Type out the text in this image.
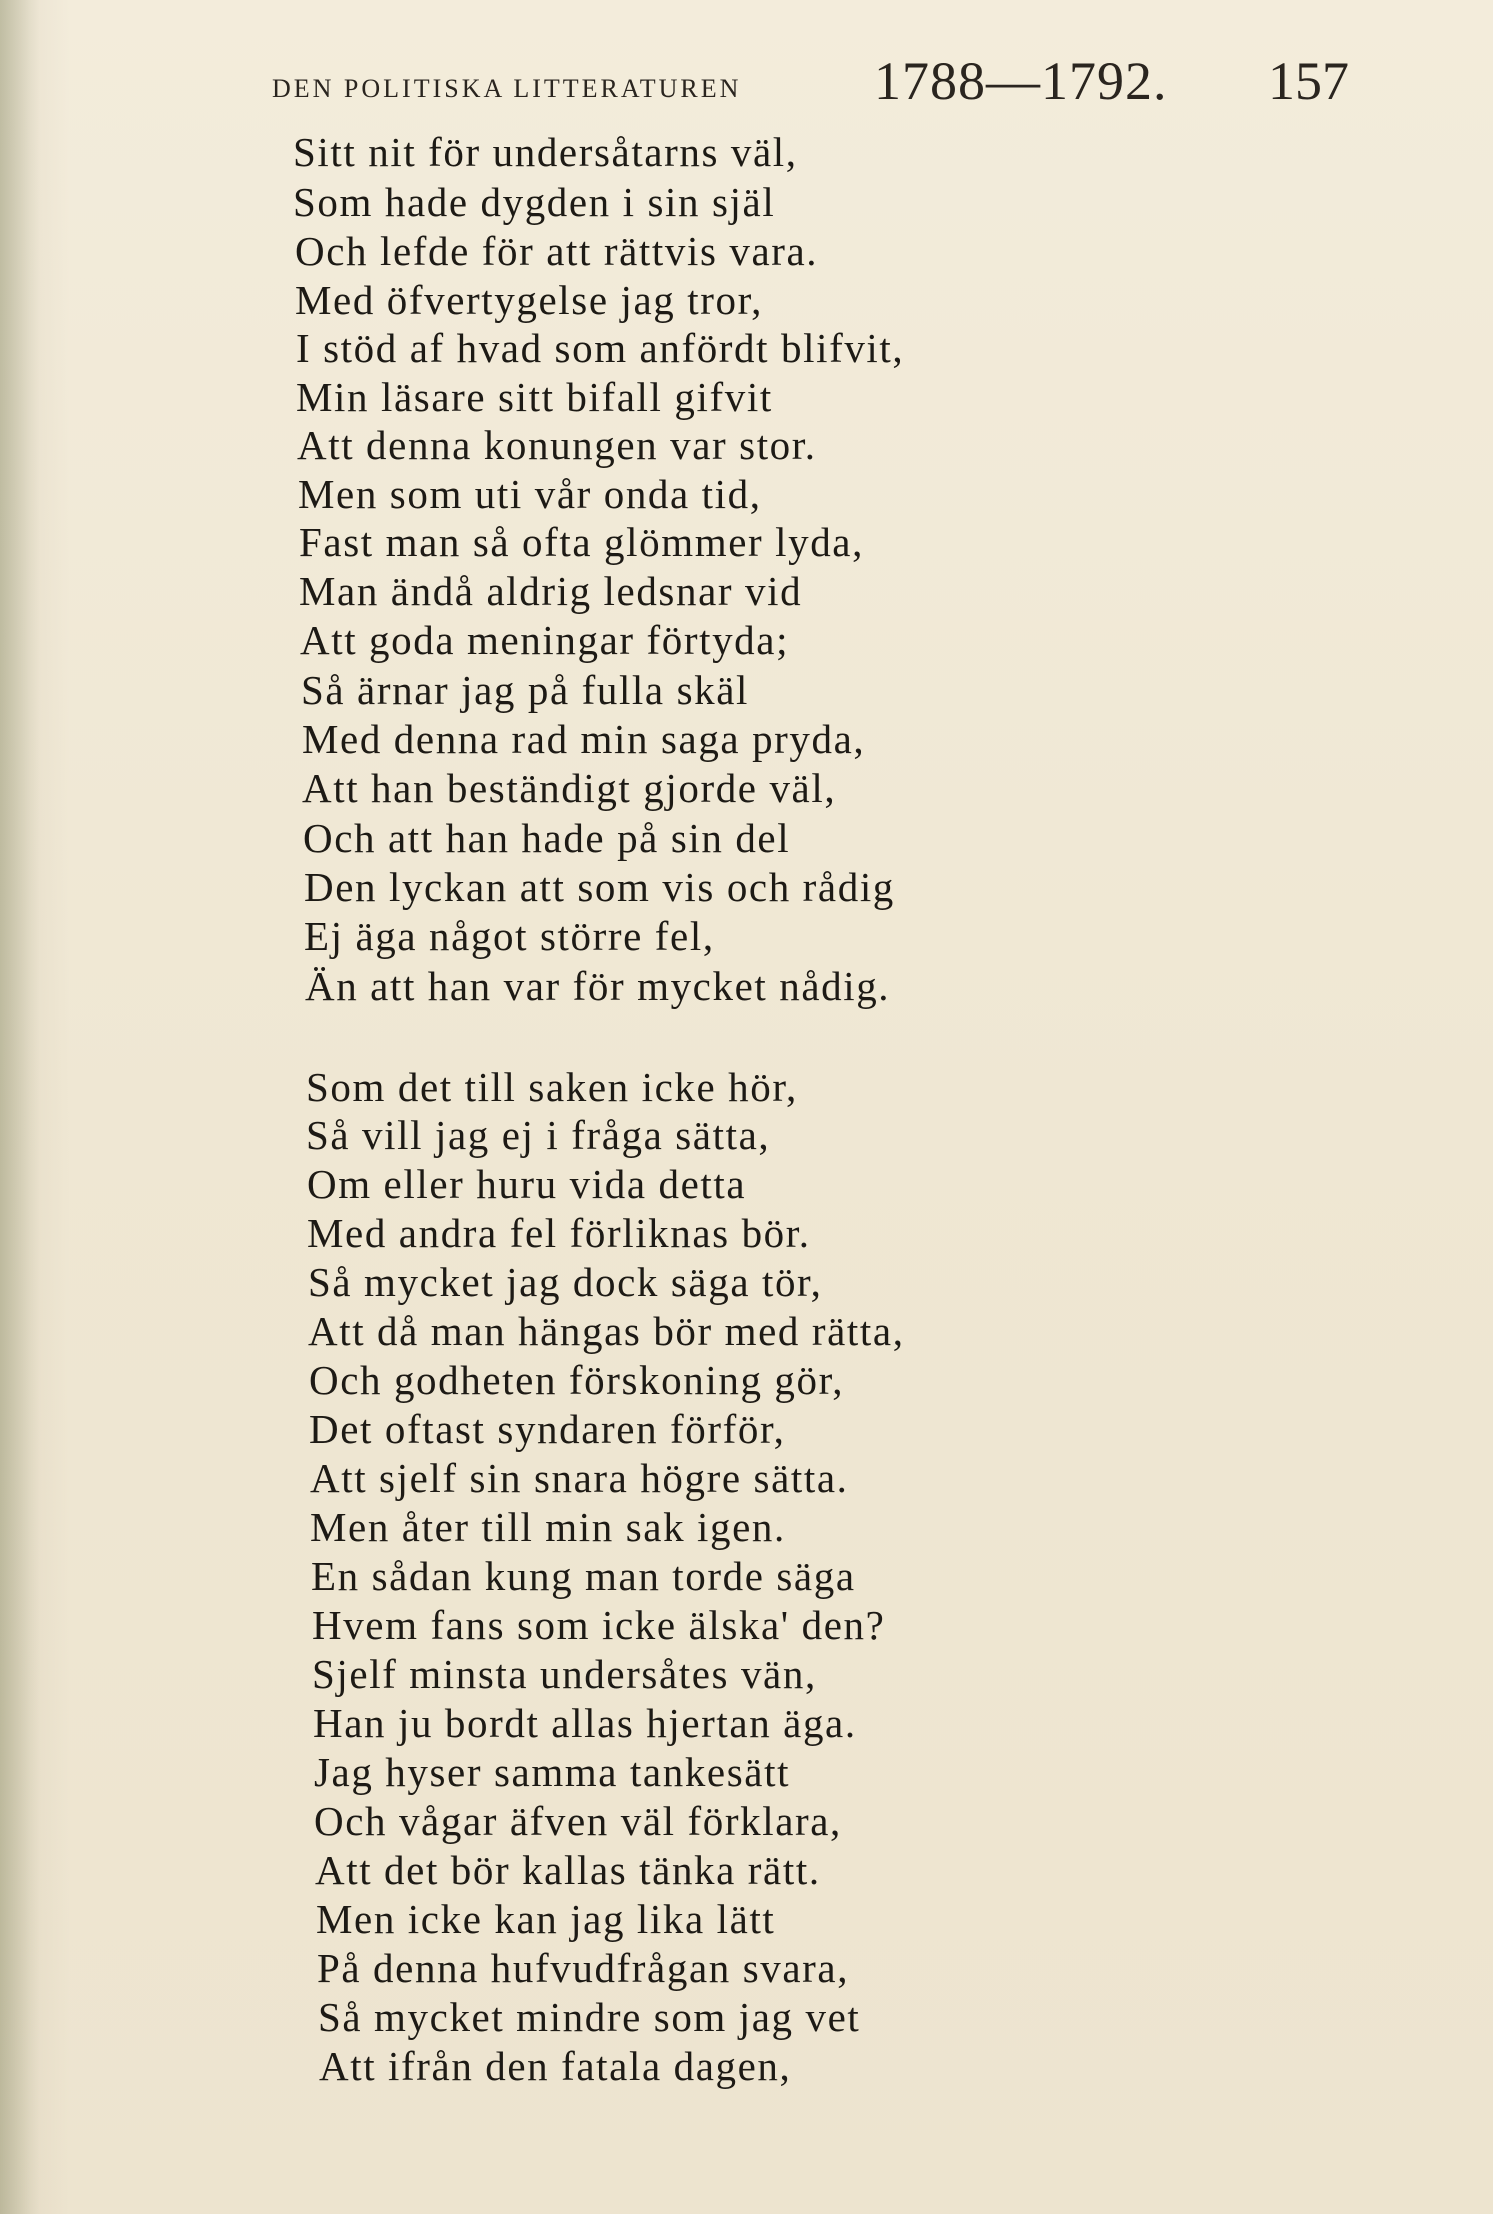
DEN POLITISKA LITTERATUREN 1788—1792. 157
Sitt nit för undersåtarns väl,
Som hade dygden i sin själ
Och lefde för att rättvis vara.
Med öfvertygelse jag tror,
I stöd af hvad som anfördt blifvit,
Min läsare sitt bifall gifvit
Att denna konungen var stor.
Men som uti vår onda tid,
Fast man så ofta glömmer lyda,
Man ändå aldrig ledsnar vid
Att goda meningar förtyda;
Så ärnar jag på fulla skäl
Med denna rad min saga pryda,
Att han beständigt gjorde väl,
Och att han hade på sin del
Den lyckan att som vis och rådig
Ej äga något större fel,
Än att han var för mycket nådig.
Som det till saken icke hör,
Så vill jag ej i fråga sätta,
Om eller huru vida detta
Med andra fel förliknas bör.
Så mycket jag dock säga tör,
Att då man hängas bör med rätta,
Och godheten förskoning gör,
Det oftast syndaren förför,
Att sjelf sin snara högre sätta.
Men åter till min sak igen.
En sådan kung man torde säga
Hvem fans som icke älska' den?
Sjelf minsta undersåtes vän,
Han ju bordt allas hjertan äga.
Jag hyser samma tankesätt
Och vågar äfven väl förklara,
Att det bör kallas tänka rätt.
Men icke kan jag lika lätt
På denna hufvudfrågan svara,
Så mycket mindre som jag vet
Att ifrån den fatala dagen,
